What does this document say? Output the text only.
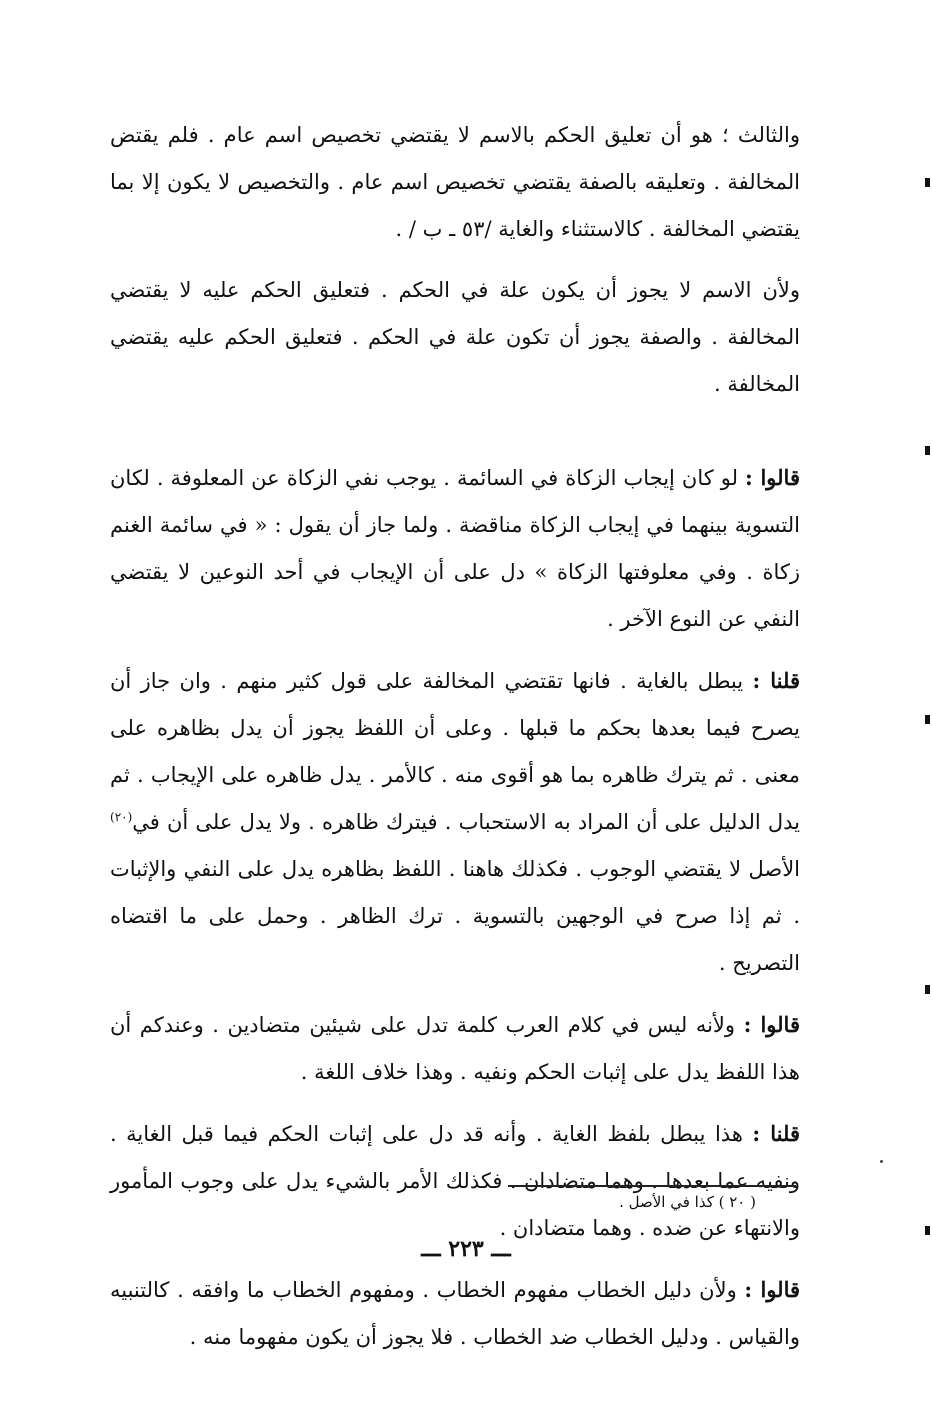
والثالث ؛ هو أن تعليق الحكم بالاسم لا يقتضي تخصيص اسم عام . فلم يقتض المخالفة . وتعليقه بالصفة يقتضي تخصيص اسم عام . والتخصيص لا يكون إلا بما يقتضي المخالفة . كالاستثناء والغاية /٥٣ ـ ب / .

ولأن الاسم لا يجوز أن يكون علة في الحكم . فتعليق الحكم عليه لا يقتضي المخالفة . والصفة يجوز أن تكون علة في الحكم . فتعليق الحكم عليه يقتضي المخالفة .

قالوا : لو كان إيجاب الزكاة في السائمة . يوجب نفي الزكاة عن المعلوفة . لكان التسوية بينهما في إيجاب الزكاة مناقضة . ولما جاز أن يقول : « في سائمة الغنم زكاة . وفي معلوفتها الزكاة » دل على أن الإيجاب في أحد النوعين لا يقتضي النفي عن النوع الآخر .

قلنا : يبطل بالغاية . فانها تقتضي المخالفة على قول كثير منهم . وان جاز أن يصرح فيما بعدها بحكم ما قبلها . وعلى أن اللفظ يجوز أن يدل بظاهره على معنى . ثم يترك ظاهره بما هو أقوى منه . كالأمر . يدل ظاهره على الإيجاب . ثم يدل الدليل على أن المراد به الاستحباب . فيترك ظاهره . ولا يدل على أن في$^{(٢٠)}$ الأصل لا يقتضي الوجوب . فكذلك هاهنا . اللفظ بظاهره يدل على النفي والإثبات . ثم إذا صرح في الوجهين بالتسوية . ترك الظاهر . وحمل على ما اقتضاه التصريح .

قالوا : ولأنه ليس في كلام العرب كلمة تدل على شيئين متضادين . وعندكم أن هذا اللفظ يدل على إثبات الحكم ونفيه . وهذا خلاف اللغة .

قلنا : هذا يبطل بلفظ الغاية . وأنه قد دل على إثبات الحكم فيما قبل الغاية . ونفيه عما بعدها . وهما متضادان . فكذلك الأمر بالشيء يدل على وجوب المأمور والانتهاء عن ضده . وهما متضادان .

قالوا : ولأن دليل الخطاب مفهوم الخطاب . ومفهوم الخطاب ما وافقه . كالتنبيه والقياس . ودليل الخطاب ضد الخطاب . فلا يجوز أن يكون مفهوما منه .

( ٢٠ ) كذا في الأصل .
ـــ ٢٢٣ ـــ
